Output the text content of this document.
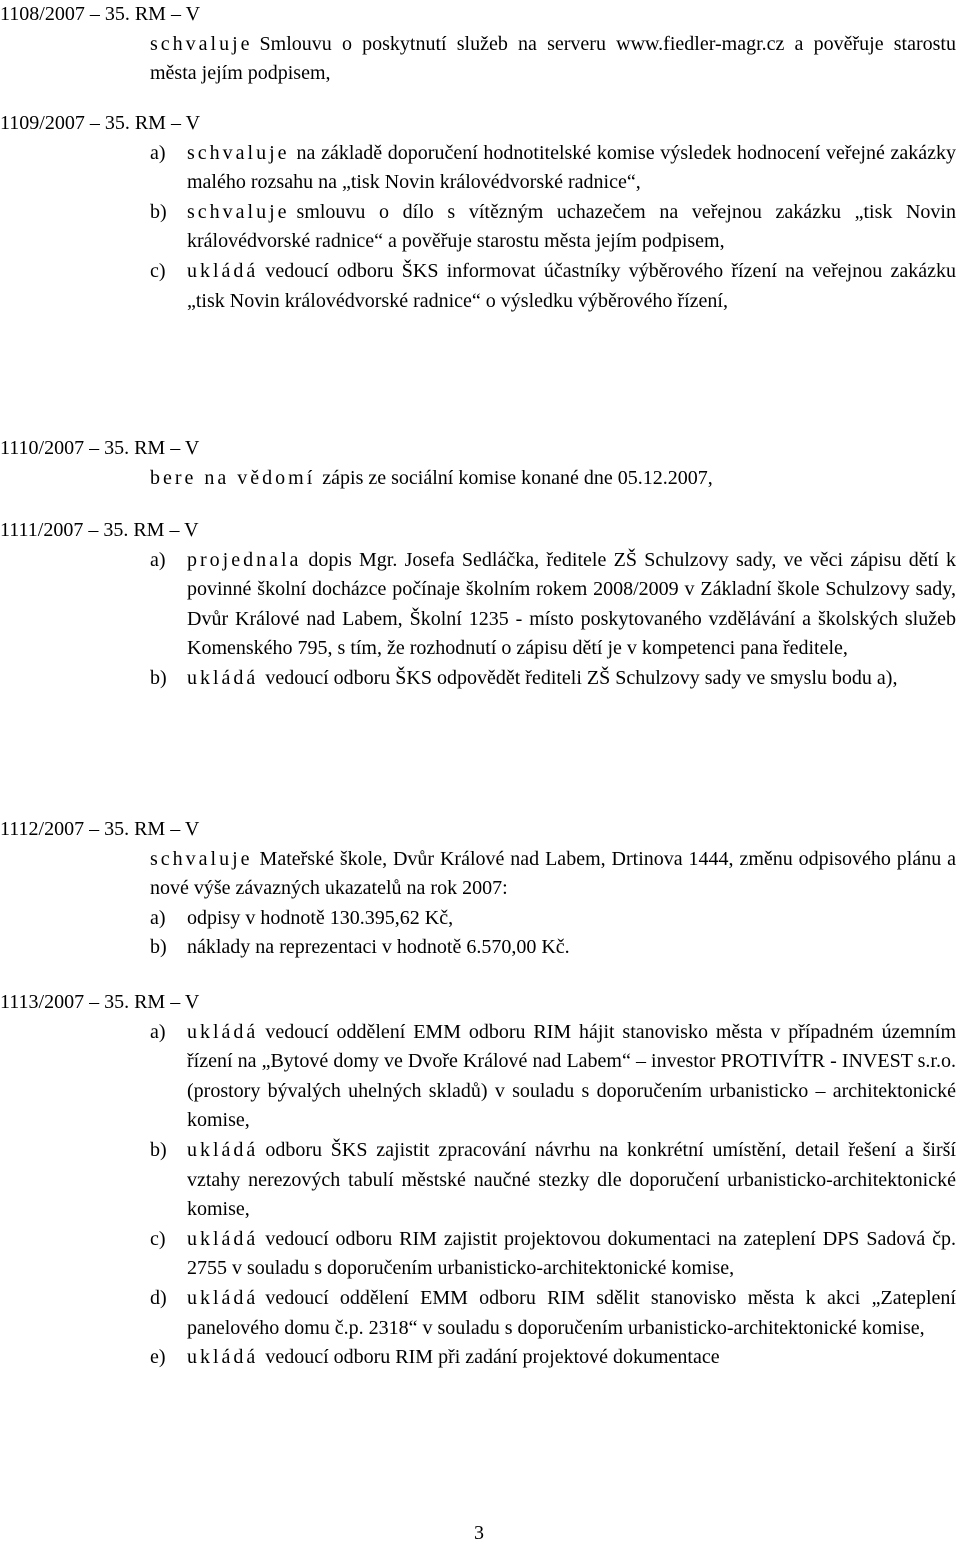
1108/2007 – 35. RM – V
schvaluje Smlouvu o poskytnutí služeb na serveru www.fiedler-magr.cz a pověřuje starostu města jejím podpisem,
1109/2007 – 35. RM – V
a)	schvaluje na základě doporučení hodnotitelské komise výsledek hodnocení veřejné zakázky malého rozsahu na „tisk Novin královédvorské radnice“,
b)	schvaluje smlouvu o dílo s vítězným uchazečem na veřejnou zakázku „tisk Novin královédvorské radnice“ a pověřuje starostu města jejím podpisem,
c)	ukládá vedoucí odboru ŠKS informovat účastníky výběrového řízení na veřejnou zakázku „tisk Novin královédvorské radnice“ o výsledku výběrového řízení,
1110/2007 – 35. RM – V
bere na vědomí zápis ze sociální komise konané dne 05.12.2007,
1111/2007 – 35. RM – V
a)	projednala dopis Mgr. Josefa Sedláčka, ředitele ZŠ Schulzovy sady, ve věci zápisu dětí k povinné školní docházce počínaje školním rokem 2008/2009 v Základní škole Schulzovy sady, Dvůr Králové nad Labem, Školní 1235 - místo poskytovaného vzdělávání a školských služeb Komenského 795, s tím, že rozhodnutí o zápisu dětí je v kompetenci pana ředitele,
b)	ukládá vedoucí odboru ŠKS odpovědět řediteli ZŠ Schulzovy sady ve smyslu bodu a),
1112/2007 – 35. RM – V
schvaluje Mateřské škole, Dvůr Králové nad Labem, Drtinova 1444, změnu odpisového plánu a nové výše závazných ukazatelů na rok 2007:
a)	odpisy v hodnotě 130.395,62 Kč,
b)	náklady na reprezentaci v hodnotě 6.570,00 Kč.
1113/2007 – 35. RM – V
a)	ukládá vedoucí oddělení EMM odboru RIM hájit stanovisko města v případném územním řízení na „Bytové domy ve Dvoře Králové nad Labem“ – investor PROTIVÍTR - INVEST s.r.o. (prostory bývalých uhelných skladů) v souladu s doporučením urbanisticko – architektonické komise,
b)	ukládá odboru ŠKS zajistit zpracování návrhu na konkrétní umístění, detail řešení a širší vztahy nerezových tabulí městské naučné stezky dle doporučení urbanisticko-architektonické komise,
c)	ukládá vedoucí odboru RIM zajistit projektovou dokumentaci na zateplení DPS Sadová čp. 2755 v souladu s doporučením urbanisticko-architektonické komise,
d)	ukládá vedoucí oddělení EMM odboru RIM sdělit stanovisko města k akci „Zateplení panelového domu č.p. 2318“ v souladu s doporučením urbanisticko-architektonické komise,
e)	ukládá vedoucí odboru RIM při zadání projektové dokumentace
3
